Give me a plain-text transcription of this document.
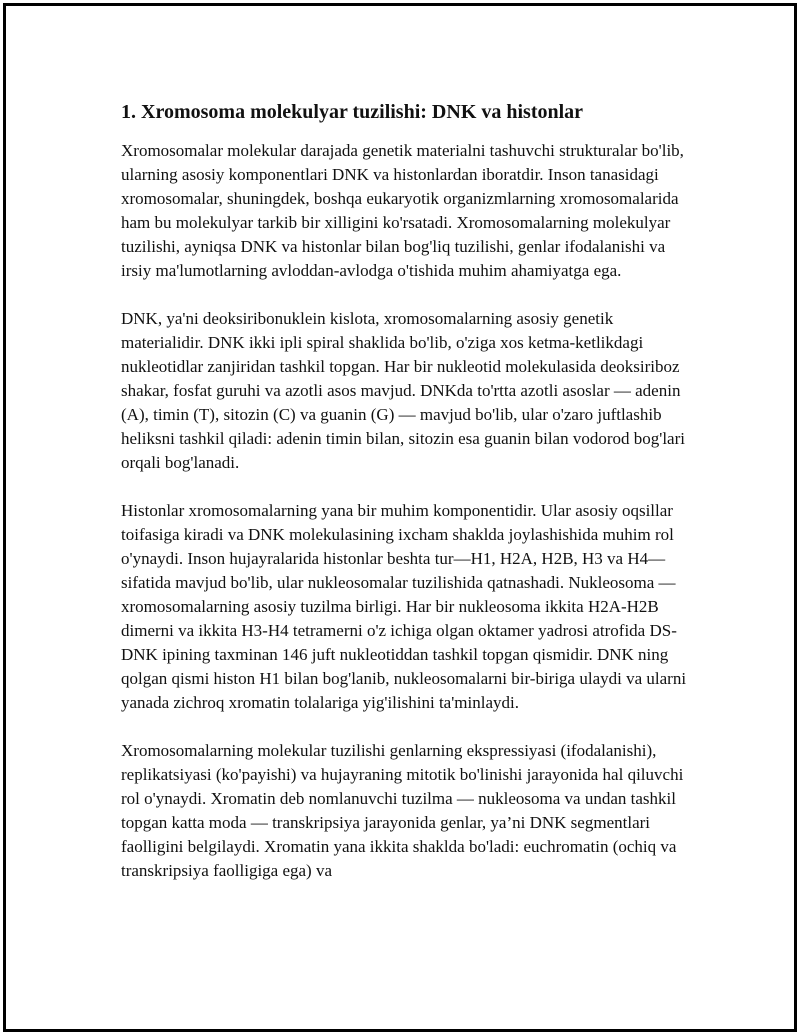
1. Xromosoma molekulyar tuzilishi: DNK va histonlar

Xromosomalar molekular darajada genetik materialni tashuvchi strukturalar bo'lib, ularning asosiy komponentlari DNK va histonlardan iboratdir. Inson tanasidagi xromosomalar, shuningdek, boshqa eukaryotik organizmlarning xromosomalarida ham bu molekulyar tarkib bir xilligini ko'rsatadi. Xromosomalarning molekulyar tuzilishi, ayniqsa DNK va histonlar bilan bog'liq tuzilishi, genlar ifodalanishi va irsiy ma'lumotlarning avloddan-avlodga o'tishida muhim ahamiyatga ega.

DNK, ya'ni deoksiribonuklein kislota, xromosomalarning asosiy genetik materialidir. DNK ikki ipli spiral shaklida bo'lib, o'ziga xos ketma-ketlikdagi nukleotidlar zanjiridan tashkil topgan. Har bir nukleotid molekulasida deoksiriboz shakar, fosfat guruhi va azotli asos mavjud. DNKda to'rtta azotli asoslar — adenin (A), timin (T), sitozin (C) va guanin (G) — mavjud bo'lib, ular o'zaro juftlashib heliksni tashkil qiladi: adenin timin bilan, sitozin esa guanin bilan vodorod bog'lari orqali bog'lanadi.

Histonlar xromosomalarning yana bir muhim komponentidir. Ular asosiy oqsillar toifasiga kiradi va DNK molekulasining ixcham shaklda joylashishida muhim rol o'ynaydi. Inson hujayralarida histonlar beshta tur—H1, H2A, H2B, H3 va H4—sifatida mavjud bo'lib, ular nukleosomalar tuzilishida qatnashadi. Nukleosoma — xromosomalarning asosiy tuzilma birligi. Har bir nukleosoma ikkita H2A-H2B dimerni va ikkita H3-H4 tetramerni o'z ichiga olgan oktamer yadrosi atrofida DS-DNK ipining taxminan 146 juft nukleotiddan tashkil topgan qismidir. DNK ning qolgan qismi histon H1 bilan bog'lanib, nukleosomalarni bir-biriga ulaydi va ularni yanada zichroq xromatin tolalariga yig'ilishini ta'minlaydi.

Xromosomalarning molekular tuzilishi genlarning ekspressiyasi (ifodalanishi), replikatsiyasi (ko'payishi) va hujayraning mitotik bo'linishi jarayonida hal qiluvchi rol o'ynaydi. Xromatin deb nomlanuvchi tuzilma — nukleosoma va undan tashkil topgan katta moda — transkripsiya jarayonida genlar, ya’ni DNK segmentlari faolligini belgilaydi. Xromatin yana ikkita shaklda bo'ladi: euchromatin (ochiq va transkripsiya faolligiga ega) va
